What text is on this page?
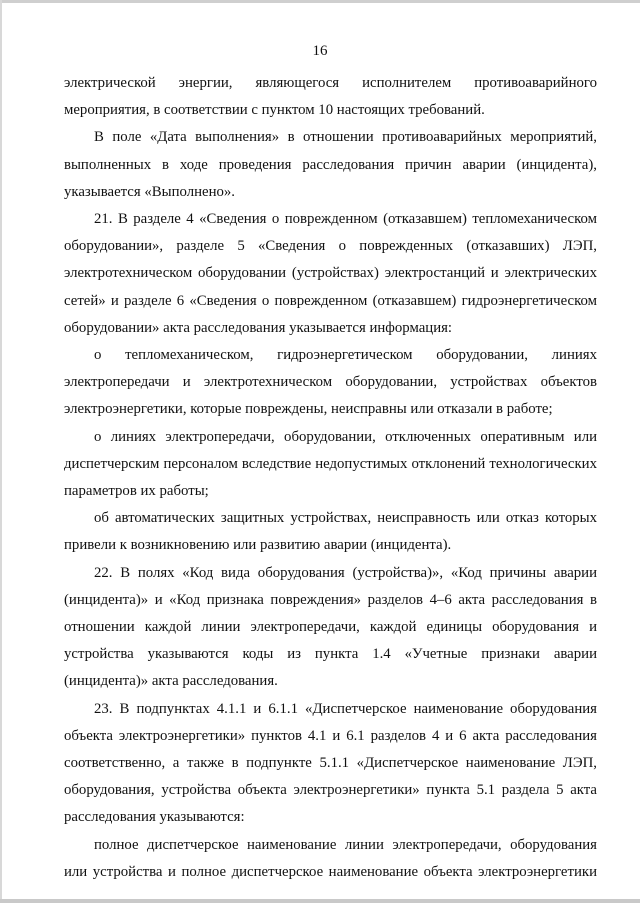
16

электрической энергии, являющегося исполнителем противоаварийного мероприятия, в соответствии с пунктом 10 настоящих требований.

В поле «Дата выполнения» в отношении противоаварийных мероприятий, выполненных в ходе проведения расследования причин аварии (инцидента), указывается «Выполнено».

21. В разделе 4 «Сведения о поврежденном (отказавшем) тепломеханическом оборудовании», разделе 5 «Сведения о поврежденных (отказавших) ЛЭП, электротехническом оборудовании (устройствах) электростанций и электрических сетей» и разделе 6 «Сведения о поврежденном (отказавшем) гидроэнергетическом оборудовании» акта расследования указывается информация:

о тепломеханическом, гидроэнергетическом оборудовании, линиях электропередачи и электротехническом оборудовании, устройствах объектов электроэнергетики, которые повреждены, неисправны или отказали в работе;

о линиях электропередачи, оборудовании, отключенных оперативным или диспетчерским персоналом вследствие недопустимых отклонений технологических параметров их работы;

об автоматических защитных устройствах, неисправность или отказ которых привели к возникновению или развитию аварии (инцидента).

22. В полях «Код вида оборудования (устройства)», «Код причины аварии (инцидента)» и «Код признака повреждения» разделов 4–6 акта расследования в отношении каждой линии электропередачи, каждой единицы оборудования и устройства указываются коды из пункта 1.4 «Учетные признаки аварии (инцидента)» акта расследования.

23. В подпунктах 4.1.1 и 6.1.1 «Диспетчерское наименование оборудования объекта электроэнергетики» пунктов 4.1 и 6.1 разделов 4 и 6 акта расследования соответственно, а также в подпункте 5.1.1 «Диспетчерское наименование ЛЭП, оборудования, устройства объекта электроэнергетики» пункта 5.1 раздела 5 акта расследования указываются:

полное диспетчерское наименование линии электропередачи, оборудования или устройства и полное диспетчерское наименование объекта электроэнергетики
